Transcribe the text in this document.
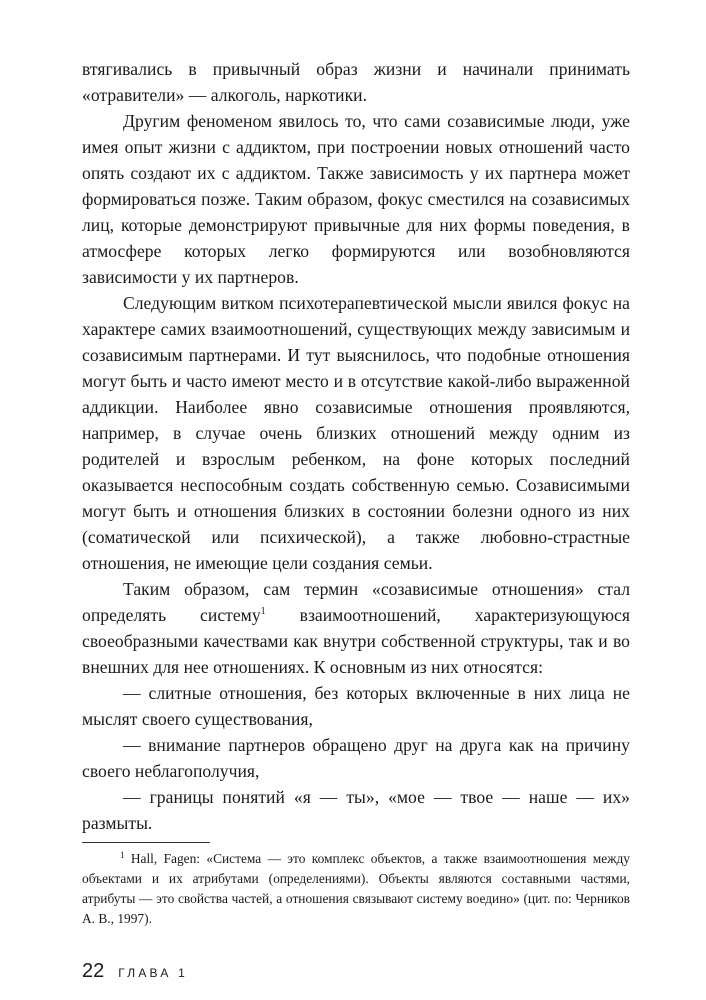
втягивались в привычный образ жизни и начинали принимать «отравители» — алкоголь, наркотики.

Другим феноменом явилось то, что сами созависимые люди, уже имея опыт жизни с аддиктом, при построении новых отношений часто опять создают их с аддиктом. Также зависимость у их партнера может формироваться позже. Таким образом, фокус сместился на созависимых лиц, которые демонстрируют привычные для них формы поведения, в атмосфере которых легко формируются или возобновляются зависимости у их партнеров.

Следующим витком психотерапевтической мысли явился фокус на характере самих взаимоотношений, существующих между зависимым и созависимым партнерами. И тут выяснилось, что подобные отношения могут быть и часто имеют место и в отсутствие какой-либо выраженной аддикции. Наиболее явно созависимые отношения проявляются, например, в случае очень близких отношений между одним из родителей и взрослым ребенком, на фоне которых последний оказывается неспособным создать собственную семью. Созависимыми могут быть и отношения близких в состоянии болезни одного из них (соматической или психической), а также любовно-страстные отношения, не имеющие цели создания семьи.

Таким образом, сам термин «созависимые отношения» стал определять систему$^1$ взаимоотношений, характеризующуюся своеобразными качествами как внутри собственной структуры, так и во внешних для нее отношениях. К основным из них относятся:

— слитные отношения, без которых включенные в них лица не мыслят своего существования,

— внимание партнеров обращено друг на друга как на причину своего неблагополучия,

— границы понятий «я — ты», «мое — твое — наше — их» размыты.

$^1$ Hall, Fagen: «Система — это комплекс объектов, а также взаимоотношения между объектами и их атрибутами (определениями). Объекты являются составными частями, атрибуты — это свойства частей, а отношения связывают систему воедино» (цит. по: Черников А. В., 1997).

22 ГЛАВА 1
